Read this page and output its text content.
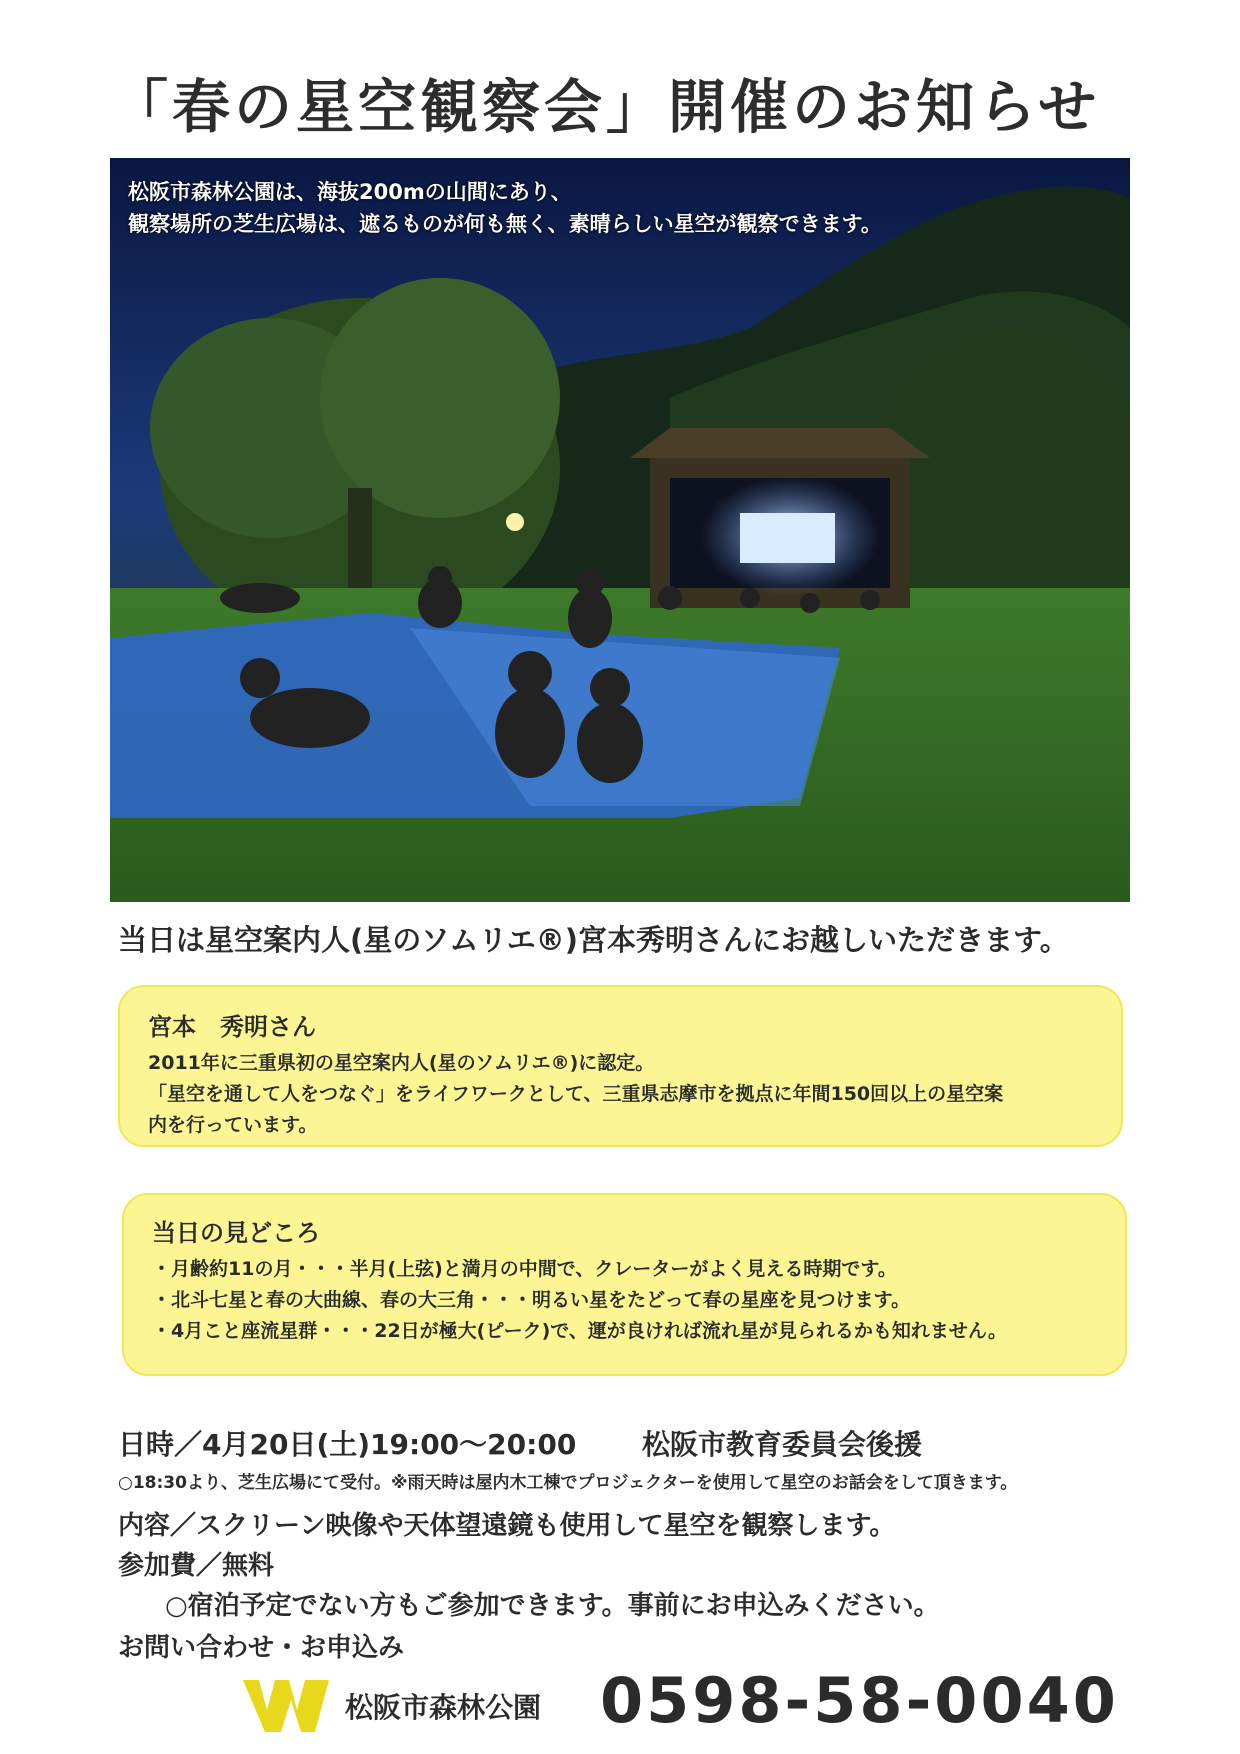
「春の星空観察会」開催のお知らせ
松阪市森林公園は、海抜200mの山間にあり、
観察場所の芝生広場は、遮るものが何も無く、素晴らしい星空が観察できます。
当日は星空案内人(星のソムリエ®)宮本秀明さんにお越しいただきます。
宮本　秀明さん
2011年に三重県初の星空案内人(星のソムリエ®)に認定。
「星空を通して人をつなぐ」をライフワークとして、三重県志摩市を拠点に年間150回以上の星空案
内を行っています。
当日の見どころ
・月齢約11の月・・・半月(上弦)と満月の中間で、クレーターがよく見える時期です。
・北斗七星と春の大曲線、春の大三角・・・明るい星をたどって春の星座を見つけます。
・4月こと座流星群・・・22日が極大(ピーク)で、運が良ければ流れ星が見られるかも知れません。
日時／4月20日(土)19:00～20:00 松阪市教育委員会後援
○18:30より、芝生広場にて受付。※雨天時は屋内木工棟でプロジェクターを使用して星空のお話会をして頂きます。
内容／スクリーン映像や天体望遠鏡も使用して星空を観察します。
参加費／無料
○宿泊予定でない方もご参加できます。事前にお申込みください。
お問い合わせ・お申込み
松阪市森林公園 0598-58-0040
